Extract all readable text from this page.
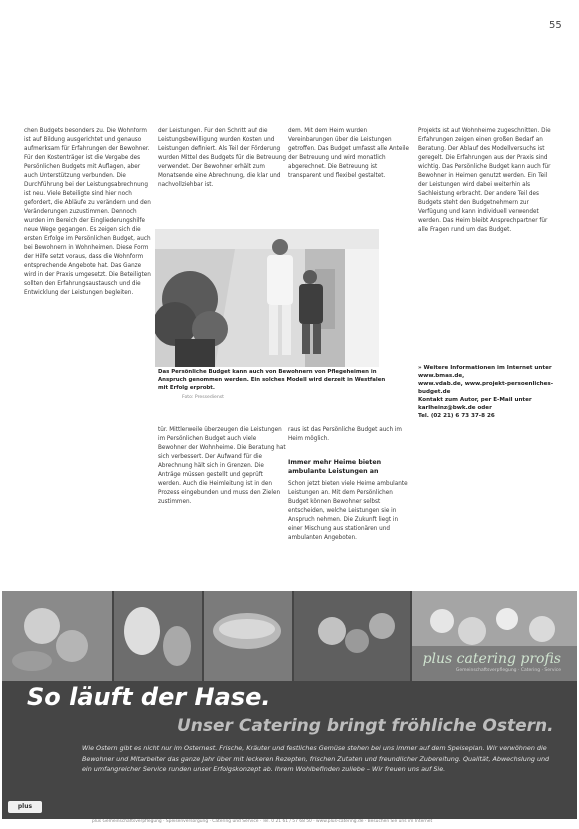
55

chen Budgets besonders zu. Die Wohnform ist auf Bildung ausgerichtet und genauso aufmerksam für Erfahrungen der Bewohner. Für den Kostenträger ist die Vergabe des Persönlichen Budgets mit Auflagen, aber auch Unterstützung verbunden. Die Durchführung bei der Leistungsabrechnung ist neu. Viele Beteiligte sind hier noch gefordert, die Abläufe zu verändern und den Veränderungen zuzustimmen. Dennoch wurden im Bereich der Eingliederungshilfe neue Wege gegangen. Es zeigen sich die ersten Erfolge im Persönlichen Budget, auch bei Bewohnern in Wohnheimen. Diese Form der Hilfe setzt voraus, dass die Wohnform entsprechende Angebote hat. Das Ganze wird in der Praxis umgesetzt. Die Beteiligten sollten den Erfahrungsaustausch und die Entwicklung der Leistungen begleiten.

der Leistungen. Für den Schritt auf die Leistungsbewilligung wurden Kosten und Leistungen definiert. Als Teil der Förderung wurden Mittel des Budgets für die Betreuung verwendet. Der Bewohner erhält zum Monatsende eine Abrechnung, die klar und nachvollziehbar ist.

dem. Mit dem Heim wurden Vereinbarungen über die Leistungen getroffen. Das Budget umfasst alle Anteile der Betreuung und wird monatlich abgerechnet. Die Betreuung ist transparent und flexibel gestaltet.

Projekts ist auf Wohnheime zugeschnitten. Die Erfahrungen zeigen einen großen Bedarf an Beratung. Der Ablauf des Modellversuchs ist geregelt. Die Erfahrungen aus der Praxis sind wichtig. Das Persönliche Budget kann auch für Bewohner in Heimen genutzt werden. Ein Teil der Leistungen wird dabei weiterhin als Sachleistung erbracht. Der andere Teil des Budgets steht den Budgetnehmern zur Verfügung und kann individuell verwendet werden. Das Heim bleibt Ansprechpartner für alle Fragen rund um das Budget.

Das Persönliche Budget kann auch von Bewohnern von Pflegeheimen in Anspruch genommen werden. Ein solches Modell wird derzeit in Westfalen mit Erfolg erprobt.

Foto: Pressedienst

» Weitere Informationen im Internet unter www.bmas.de,

www.vdab.de, www.projekt-persoenliches-budget.de

Kontakt zum Autor, per E-Mail unter karlheinz@bwk.de oder

Tel. (02 21) 6 73 37-8 26

tür. Mittlerweile überzeugen die Leistungen im Persönlichen Budget auch viele Bewohner der Wohnheime. Die Beratung hat sich verbessert. Der Aufwand für die Abrechnung hält sich in Grenzen. Die Anträge müssen gestellt und geprüft werden. Auch die Heimleitung ist in den Prozess eingebunden und muss den Zielen zustimmen.

raus ist das Persönliche Budget auch im Heim möglich.

Immer mehr Heime bieten ambulante Leistungen an

Schon jetzt bieten viele Heime ambulante Leistungen an. Mit dem Persönlichen Budget können Bewohner selbst entscheiden, welche Leistungen sie in Anspruch nehmen. Die Zukunft liegt in einer Mischung aus stationären und ambulanten Angeboten.

plus catering profis
Gemeinschaftsverpflegung · Catering · Service
So läuft der Hase.
Unser Catering bringt fröhliche Ostern.

Wie Ostern gibt es nicht nur im Osternest. Frische, Kräuter und festliches Gemüse stehen bei uns immer auf dem Speiseplan. Wir verwöhnen die Bewohner und Mitarbeiter das ganze Jahr über mit leckeren Rezepten, frischen Zutaten und freundlicher Zubereitung. Qualität, Abwechslung und ein umfangreicher Service runden unser Erfolgskonzept ab. Ihrem Wohlbefinden zuliebe – Wir freuen uns auf Sie.

plus
plus Gemeinschaftsverpflegung · Speisenversorgung · Catering und Service · Tel. 0 21 61 / 57 68 50 · www.plus-catering.de · Besuchen Sie uns im Internet
